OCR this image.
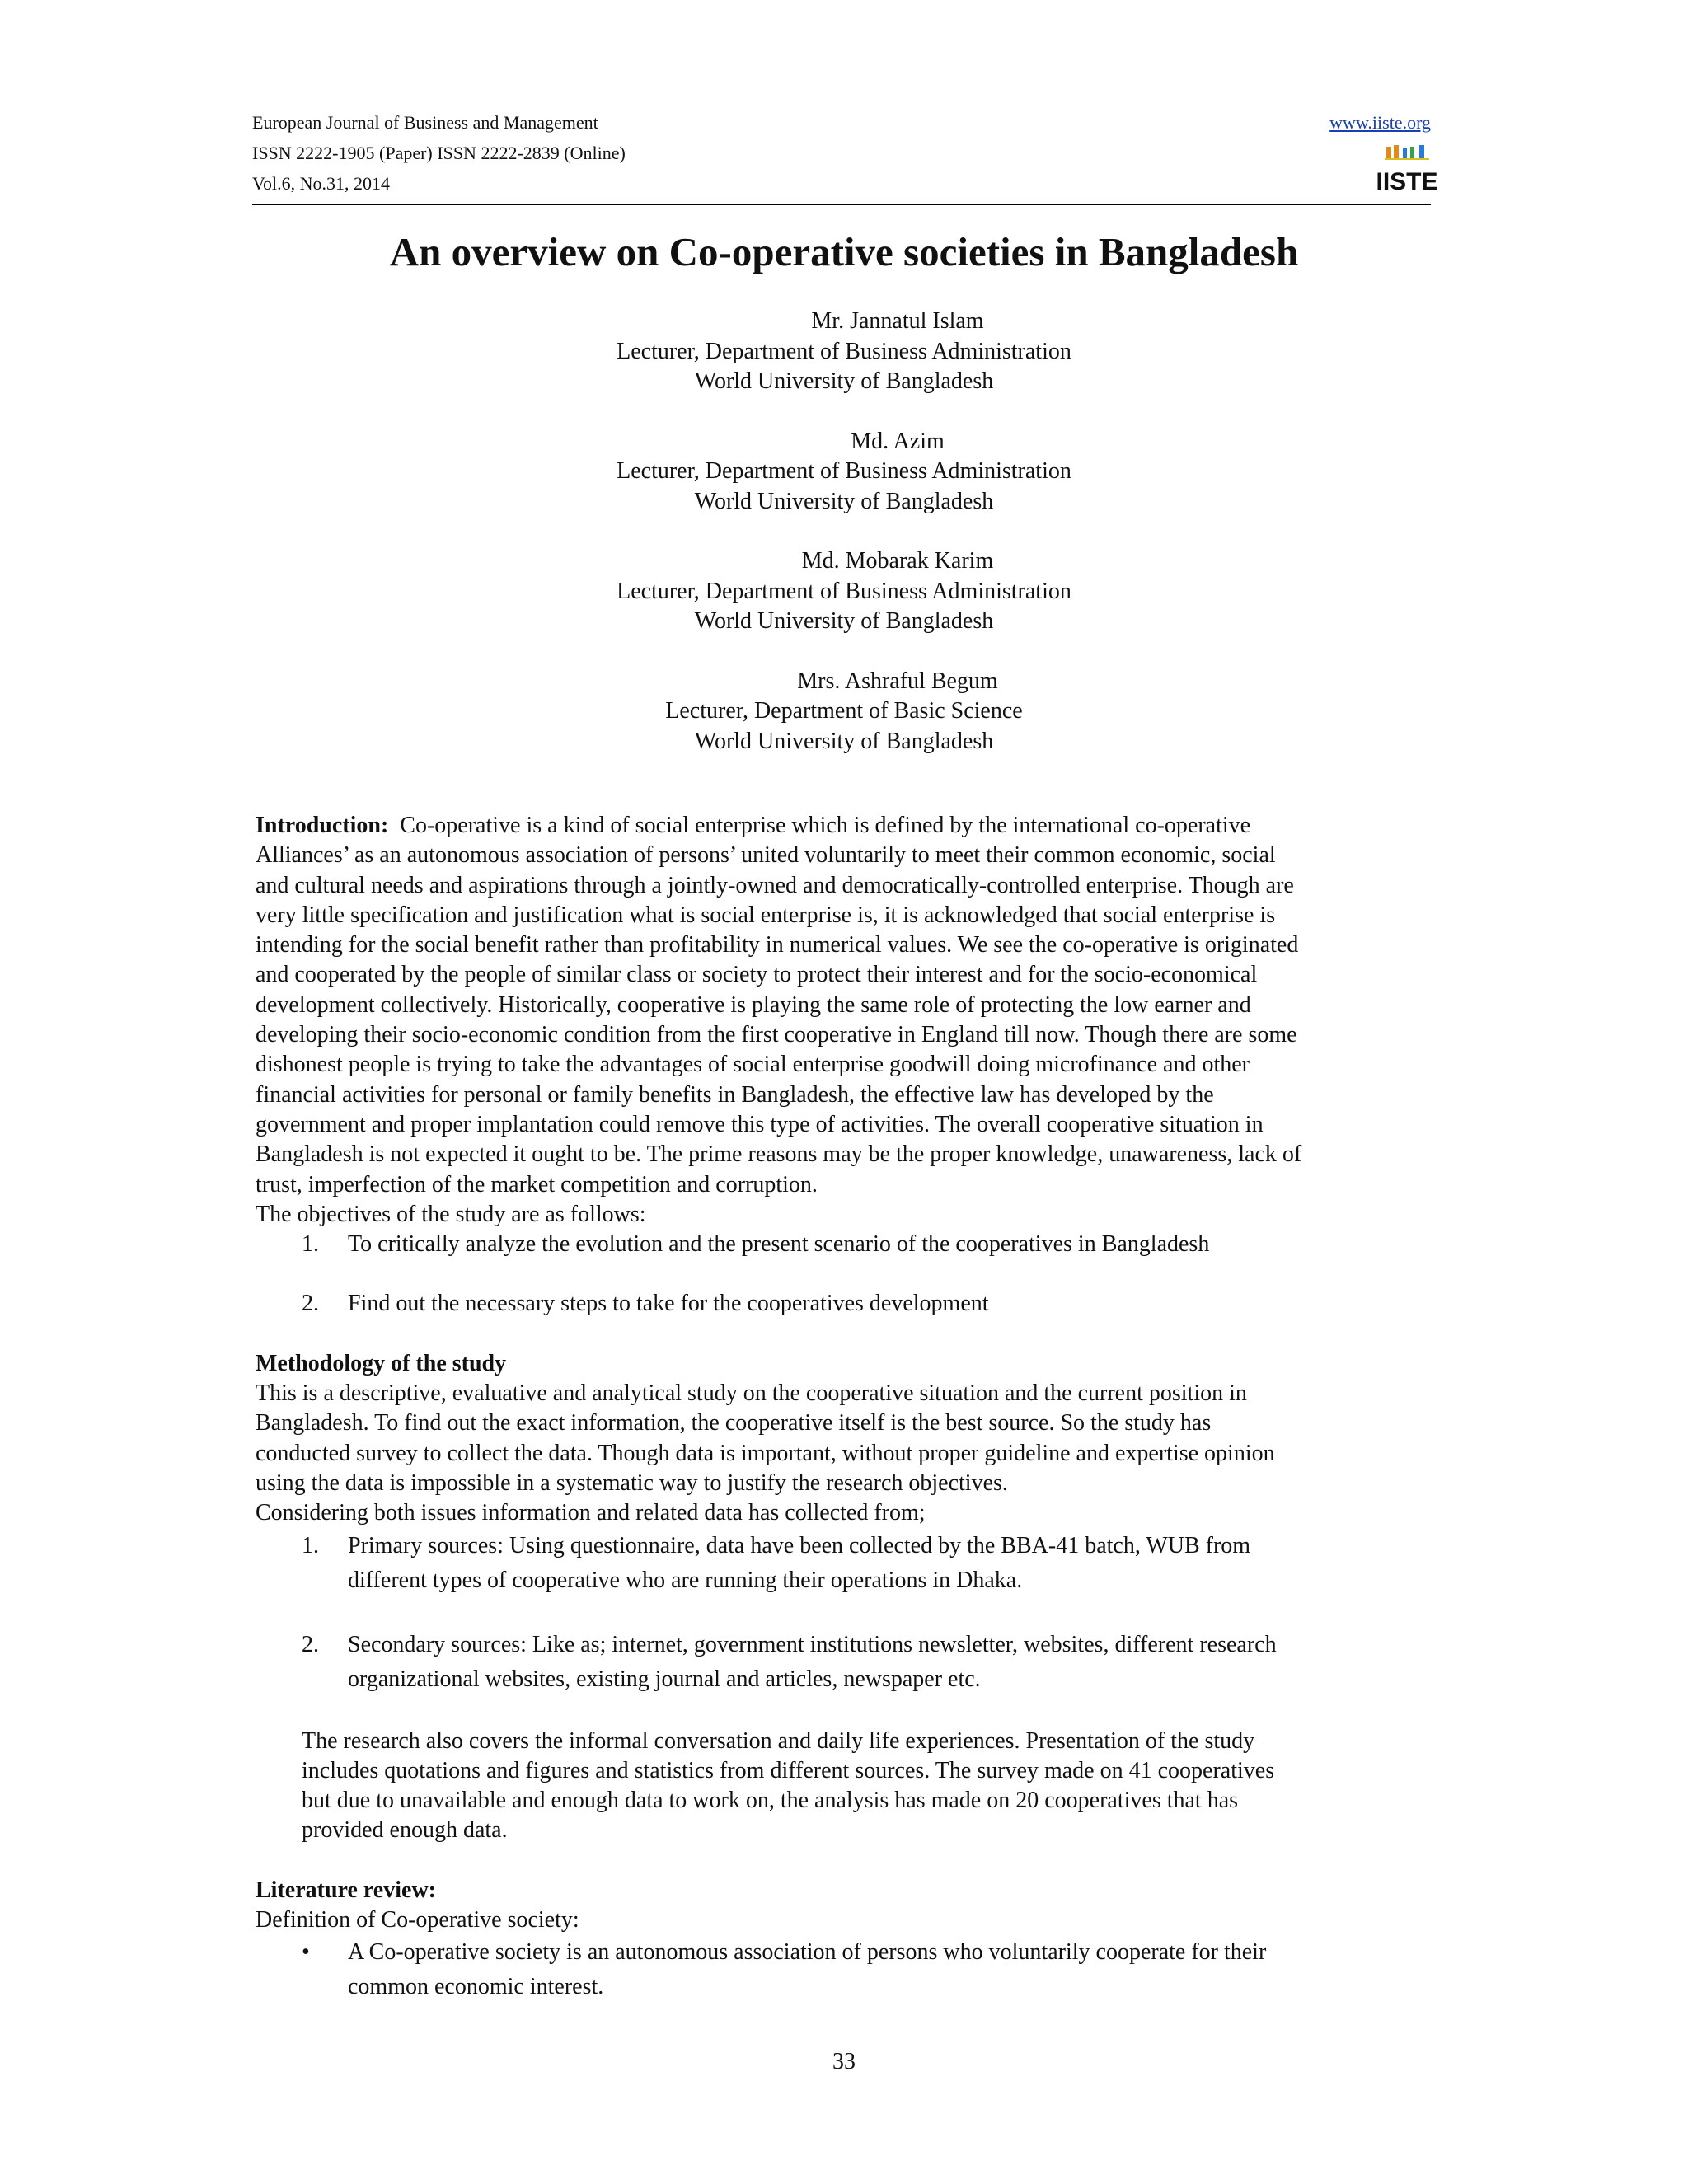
European Journal of Business and Management
ISSN 2222-1905 (Paper) ISSN 2222-2839 (Online)
Vol.6, No.31, 2014
www.iiste.org
IISTE
An overview on Co-operative societies in Bangladesh
Mr. Jannatul Islam
Lecturer, Department of Business Administration
World University of Bangladesh
Md. Azim
Lecturer, Department of Business Administration
World University of Bangladesh
Md. Mobarak Karim
Lecturer, Department of Business Administration
World University of Bangladesh
Mrs. Ashraful Begum
Lecturer, Department of Basic Science
World University of Bangladesh

Introduction: Co-operative is a kind of social enterprise which is defined by the international co-operative

Alliances’ as an autonomous association of persons’ united voluntarily to meet their common economic, social

and cultural needs and aspirations through a jointly-owned and democratically-controlled enterprise. Though are

very little specification and justification what is social enterprise is, it is acknowledged that social enterprise is

intending for the social benefit rather than profitability in numerical values. We see the co-operative is originated

and cooperated by the people of similar class or society to protect their interest and for the socio-economical

development collectively. Historically, cooperative is playing the same role of protecting the low earner and

developing their socio-economic condition from the first cooperative in England till now. Though there are some

dishonest people is trying to take the advantages of social enterprise goodwill doing microfinance and other

financial activities for personal or family benefits in Bangladesh, the effective law has developed by the

government and proper implantation could remove this type of activities. The overall cooperative situation in

Bangladesh is not expected it ought to be. The prime reasons may be the proper knowledge, unawareness, lack of

trust, imperfection of the market competition and corruption.

The objectives of the study are as follows:

1. To critically analyze the evolution and the present scenario of the cooperatives in Bangladesh
2. Find out the necessary steps to take for the cooperatives development

Methodology of the study

This is a descriptive, evaluative and analytical study on the cooperative situation and the current position in

Bangladesh. To find out the exact information, the cooperative itself is the best source. So the study has

conducted survey to collect the data. Though data is important, without proper guideline and expertise opinion

using the data is impossible in a systematic way to justify the research objectives.

Considering both issues information and related data has collected from;

1. Primary sources: Using questionnaire, data have been collected by the BBA-41 batch, WUB from
different types of cooperative who are running their operations in Dhaka.
2. Secondary sources: Like as; internet, government institutions newsletter, websites, different research
organizational websites, existing journal and articles, newspaper etc.

The research also covers the informal conversation and daily life experiences. Presentation of the study

includes quotations and figures and statistics from different sources. The survey made on 41 cooperatives

but due to unavailable and enough data to work on, the analysis has made on 20 cooperatives that has

provided enough data.

Literature review:

Definition of Co-operative society:

• A Co-operative society is an autonomous association of persons who voluntarily cooperate for their
common economic interest.
33
